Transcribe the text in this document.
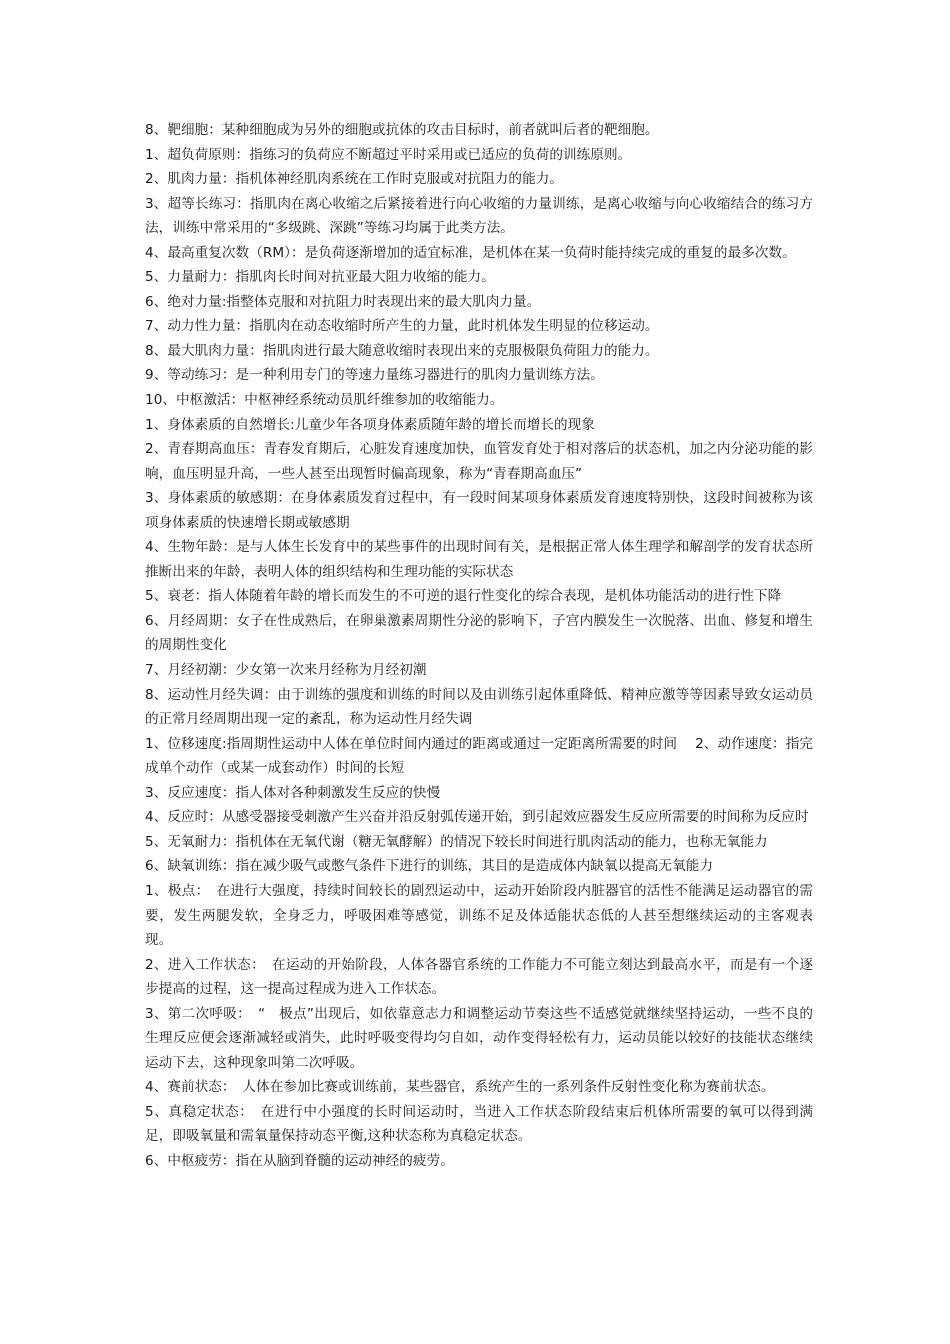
8、靶细胞：某种细胞成为另外的细胞或抗体的攻击目标时，前者就叫后者的靶细胞。

1、超负荷原则：指练习的负荷应不断超过平时采用或已适应的负荷的训练原则。

2、肌肉力量：指机体神经肌肉系统在工作时克服或对抗阻力的能力。

3、超等长练习：指肌肉在离心收缩之后紧接着进行向心收缩的力量训练，是离心收缩与向心收缩结合的练习方法，训练中常采用的“多级跳、深跳”等练习均属于此类方法。

4、最高重复次数（RM）：是负荷逐渐增加的适宜标准，是机体在某一负荷时能持续完成的重复的最多次数。

5、力量耐力：指肌肉长时间对抗亚最大阻力收缩的能力。

6、绝对力量:指整体克服和对抗阻力时表现出来的最大肌肉力量。

7、动力性力量：指肌肉在动态收缩时所产生的力量，此时机体发生明显的位移运动。

8、最大肌肉力量：指肌肉进行最大随意收缩时表现出来的克服极限负荷阻力的能力。

9、等动练习：是一种利用专门的等速力量练习器进行的肌肉力量训练方法。

10、中枢激活：中枢神经系统动员肌纤维参加的收缩能力。

1、身体素质的自然增长:儿童少年各项身体素质随年龄的增长而增长的现象

2、青春期高血压：青春发育期后，心脏发育速度加快，血管发育处于相对落后的状态机，加之内分泌功能的影响，血压明显升高，一些人甚至出现暂时偏高现象，称为“青春期高血压”

3、身体素质的敏感期：在身体素质发育过程中，有一段时间某项身体素质发育速度特别快，这段时间被称为该项身体素质的快速增长期或敏感期

4、生物年龄：是与人体生长发育中的某些事件的出现时间有关，是根据正常人体生理学和解剖学的发育状态所推断出来的年龄，表明人体的组织结构和生理功能的实际状态

5、衰老：指人体随着年龄的增长而发生的不可逆的退行性变化的综合表现，是机体功能活动的进行性下降

6、月经周期：女子在性成熟后，在卵巢激素周期性分泌的影响下，子宫内膜发生一次脱落、出血、修复和增生的周期性变化

7、月经初潮：少女第一次来月经称为月经初潮

8、运动性月经失调：由于训练的强度和训练的时间以及由训练引起体重降低、精神应激等等因素导致女运动员的正常月经周期出现一定的紊乱，称为运动性月经失调

1、位移速度:指周期性运动中人体在单位时间内通过的距离或通过一定距离所需要的时间　 2、动作速度：指完成单个动作（或某一成套动作）时间的长短

3、反应速度：指人体对各种刺激发生反应的快慢

4、反应时：从感受器接受刺激产生兴奋并沿反射弧传递开始，到引起效应器发生反应所需要的时间称为反应时

5、无氧耐力：指机体在无氧代谢（糖无氧酵解）的情况下较长时间进行肌肉活动的能力，也称无氧能力

6、缺氧训练：指在减少吸气或憋气条件下进行的训练，其目的是造成体内缺氧以提高无氧能力

1、极点：　在进行大强度，持续时间较长的剧烈运动中，运动开始阶段内脏器官的活性不能满足运动器官的需要，发生两腿发软，全身乏力，呼吸困难等感觉，训练不足及体适能状态低的人甚至想继续运动的主客观表现。

2、进入工作状态：　在运动的开始阶段，人体各器官系统的工作能力不可能立刻达到最高水平，而是有一个逐步提高的过程，这一提高过程成为进入工作状态。

3、第二次呼吸：　“　极点”出现后，如依靠意志力和调整运动节奏这些不适感觉就继续坚持运动，一些不良的生理反应便会逐渐减轻或消失，此时呼吸变得均匀自如，动作变得轻松有力，运动员能以较好的技能状态继续运动下去，这种现象叫第二次呼吸。

4、赛前状态：　人体在参加比赛或训练前，某些器官，系统产生的一系列条件反射性变化称为赛前状态。

5、真稳定状态：　在进行中小强度的长时间运动时，当进入工作状态阶段结束后机体所需要的氧可以得到满足，即吸氧量和需氧量保持动态平衡,这种状态称为真稳定状态。

6、中枢疲劳：指在从脑到脊髓的运动神经的疲劳。
